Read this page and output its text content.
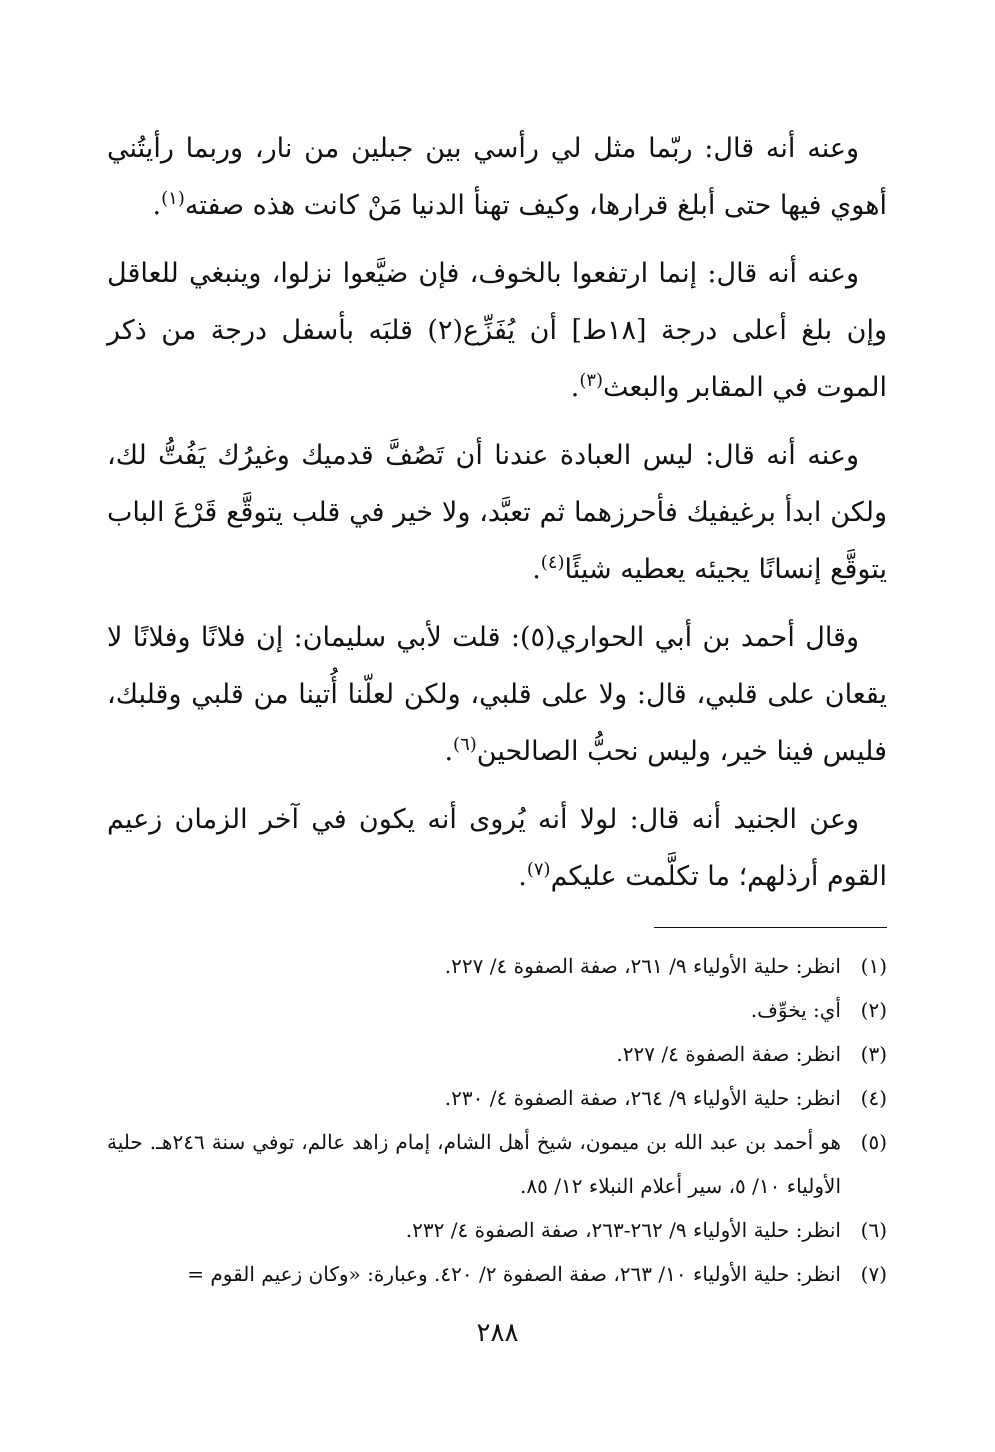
وعنه أنه قال: ربّما مثل لي رأسي بين جبلين من نار، وربما رأيتُني أهوي فيها حتى أبلغ قرارها، وكيف تهنأ الدنيا مَنْ كانت هذه صفته$^{(١)}$.

وعنه أنه قال: إنما ارتفعوا بالخوف، فإن ضيَّعوا نزلوا، وينبغي للعاقل وإن بلغ أعلى درجة [١٨ط] أن يُفَزِّع(٢) قلبَه بأسفل درجة من ذكر الموت في المقابر والبعث$^{(٣)}$.

وعنه أنه قال: ليس العبادة عندنا أن تَصُفَّ قدميك وغيرُك يَفُتُّ لك، ولكن ابدأ برغيفيك فأحرزهما ثم تعبَّد، ولا خير في قلب يتوقَّع قَرْعَ الباب يتوقَّع إنسانًا يجيئه يعطيه شيئًا$^{(٤)}$.

وقال أحمد بن أبي الحواري(٥): قلت لأبي سليمان: إن فلانًا وفلانًا لا يقعان على قلبي، قال: ولا على قلبي، ولكن لعلّنا أُتينا من قلبي وقلبك، فليس فينا خير، وليس نحبُّ الصالحين$^{(٦)}$.

وعن الجنيد أنه قال: لولا أنه يُروى أنه يكون في آخر الزمان زعيم القوم أرذلهم؛ ما تكلَّمت عليكم$^{(٧)}$.

(١)
انظر: حلية الأولياء ٩/ ٢٦١، صفة الصفوة ٤/ ٢٢٧.
(٢)
أي: يخوِّف.
(٣)
انظر: صفة الصفوة ٤/ ٢٢٧.
(٤)
انظر: حلية الأولياء ٩/ ٢٦٤، صفة الصفوة ٤/ ٢٣٠.
(٥)
هو أحمد بن عبد الله بن ميمون، شيخ أهل الشام، إمام زاهد عالم، توفي سنة ٢٤٦هـ. حلية الأولياء ١٠/ ٥، سير أعلام النبلاء ١٢/ ٨٥.
(٦)
انظر: حلية الأولياء ٩/ ٢٦٢-٢٦٣، صفة الصفوة ٤/ ٢٣٢.
(٧)
انظر: حلية الأولياء ١٠/ ٢٦٣، صفة الصفوة ٢/ ٤٢٠. وعبارة: «وكان زعيم القوم =
٢٨٨
